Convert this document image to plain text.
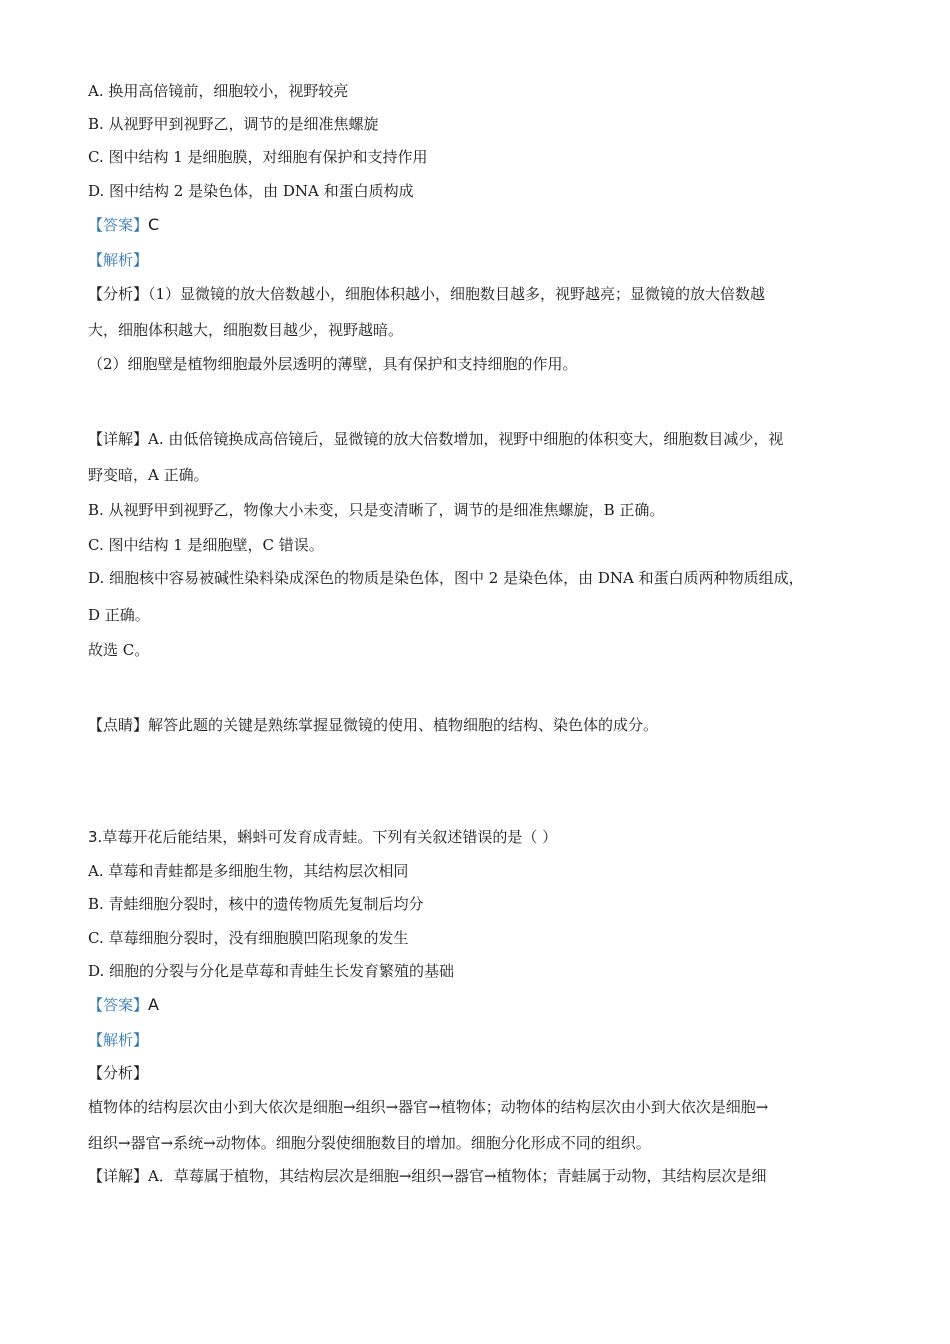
A. 换用高倍镜前，细胞较小，视野较亮
B. 从视野甲到视野乙，调节的是细准焦螺旋
C. 图中结构 1 是细胞膜，对细胞有保护和支持作用
D. 图中结构 2 是染色体，由 DNA 和蛋白质构成
【答案】C
【解析】
【分析】（1）显微镜的放大倍数越小，细胞体积越小，细胞数目越多，视野越亮；显微镜的放大倍数越
大，细胞体积越大，细胞数目越少，视野越暗。
（2）细胞壁是植物细胞最外层透明的薄壁，具有保护和支持细胞的作用。
【详解】A. 由低倍镜换成高倍镜后，显微镜的放大倍数增加，视野中细胞的体积变大，细胞数目减少，视
野变暗，A 正确。
B. 从视野甲到视野乙，物像大小未变，只是变清晰了，调节的是细准焦螺旋，B 正确。
C. 图中结构 1 是细胞壁，C 错误。
D. 细胞核中容易被碱性染料染成深色的物质是染色体，图中 2 是染色体，由 DNA 和蛋白质两种物质组成，
D 正确。
故选 C。
【点睛】解答此题的关键是熟练掌握显微镜的使用、植物细胞的结构、染色体的成分。
3.草莓开花后能结果，蝌蚪可发育成青蛙。下列有关叙述错误的是（ ）
A. 草莓和青蛙都是多细胞生物，其结构层次相同
B. 青蛙细胞分裂时，核中的遗传物质先复制后均分
C. 草莓细胞分裂时，没有细胞膜凹陷现象的发生
D. 细胞的分裂与分化是草莓和青蛙生长发育繁殖的基础
【答案】A
【解析】
【分析】
植物体的结构层次由小到大依次是细胞→组织→器官→植物体；动物体的结构层次由小到大依次是细胞→
组织→器官→系统→动物体。细胞分裂使细胞数目的增加。细胞分化形成不同的组织。
【详解】A．草莓属于植物，其结构层次是细胞→组织→器官→植物体；青蛙属于动物，其结构层次是细
